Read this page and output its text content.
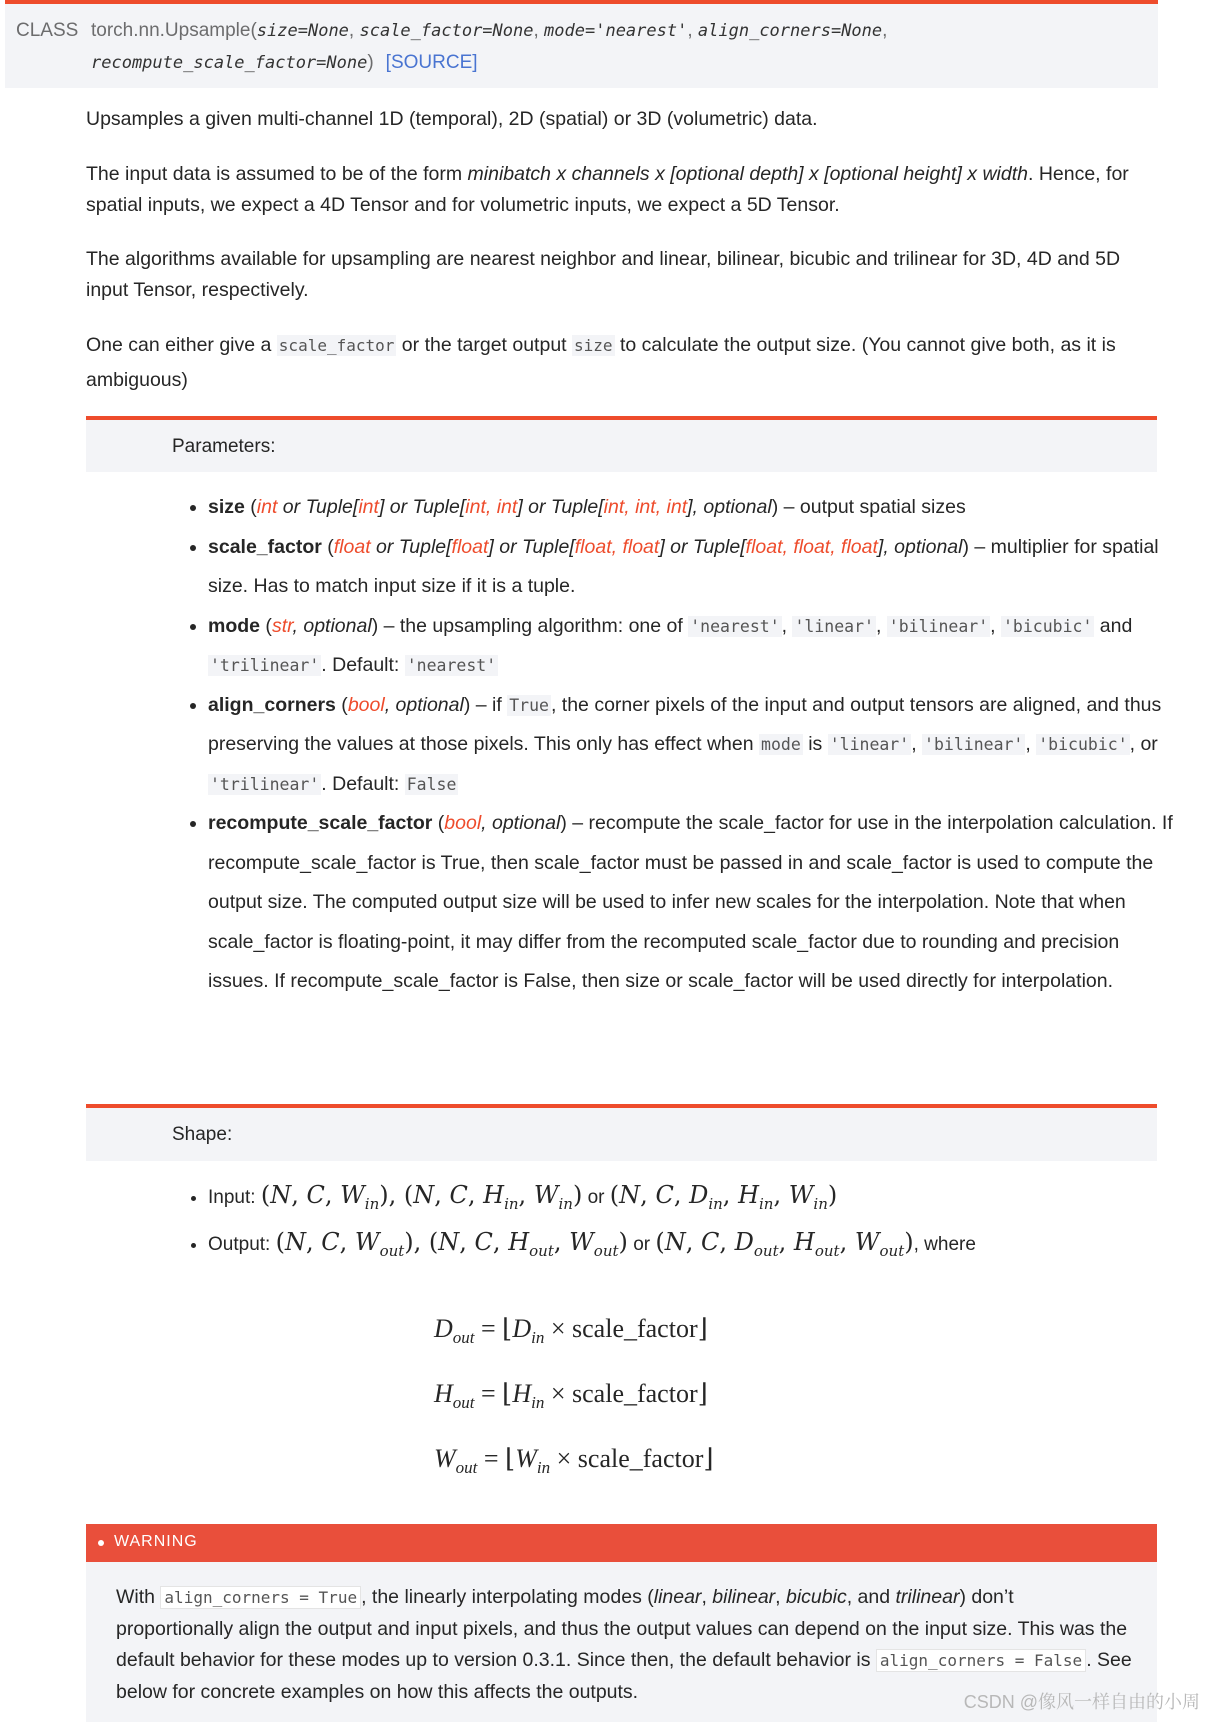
CLASS torch.nn.Upsample(size=None, scale_factor=None, mode='nearest', align_corners=None,
recompute_scale_factor=None) [SOURCE]
Upsamples a given multi-channel 1D (temporal), 2D (spatial) or 3D (volumetric) data.
The input data is assumed to be of the form minibatch x channels x [optional depth] x [optional height] x width. Hence, for spatial inputs, we expect a 4D Tensor and for volumetric inputs, we expect a 5D Tensor.
The algorithms available for upsampling are nearest neighbor and linear, bilinear, bicubic and trilinear for 3D, 4D and 5D input Tensor, respectively.
One can either give a scale_factor or the target output size to calculate the output size. (You cannot give both, as it is ambiguous)
Parameters:
• size (int or Tuple[int] or Tuple[int, int] or Tuple[int, int, int], optional) – output spatial sizes
• scale_factor (float or Tuple[float] or Tuple[float, float] or Tuple[float, float, float], optional) – multiplier for spatial size. Has to match input size if it is a tuple.
• mode (str, optional) – the upsampling algorithm: one of 'nearest' , 'linear' , 'bilinear' , 'bicubic' and 'trilinear' . Default: 'nearest'
• align_corners (bool, optional) – if True , the corner pixels of the input and output tensors are aligned, and thus preserving the values at those pixels. This only has effect when mode is 'linear' , 'bilinear' , 'bicubic' , or 'trilinear' . Default: False
• recompute_scale_factor (bool, optional) – recompute the scale_factor for use in the interpolation calculation. If recompute_scale_factor is True, then scale_factor must be passed in and scale_factor is used to compute the output size. The computed output size will be used to infer new scales for the interpolation. Note that when scale_factor is floating-point, it may differ from the recomputed scale_factor due to rounding and precision issues. If recompute_scale_factor is False, then size or scale_factor will be used directly for interpolation.
Shape:
• Input: (N, C, $W_{in}$), (N, C, $H_{in}$, $W_{in}$) or (N, C, $D_{in}$, $H_{in}$, $W_{in}$)
• Output: (N, C, $W_{out}$), (N, C, $H_{out}$, $W_{out}$) or (N, C, $D_{out}$, $H_{out}$, $W_{out}$), where
$D_{out}$ = $⌊D_{in}$ × scale_factor⌋
$H_{out}$ = $⌊H_{in}$ × scale_factor⌋
$W_{out}$ = $⌊W_{in}$ × scale_factor⌋
WARNING
With align_corners = True , the linearly interpolating modes (linear, bilinear, bicubic, and trilinear) don’t proportionally align the output and input pixels, and thus the output values can depend on the input size. This was the default behavior for these modes up to version 0.3.1. Since then, the default behavior is align_corners = False . See below for concrete examples on how this affects the outputs.	CSDN @像风一样自由的小周
